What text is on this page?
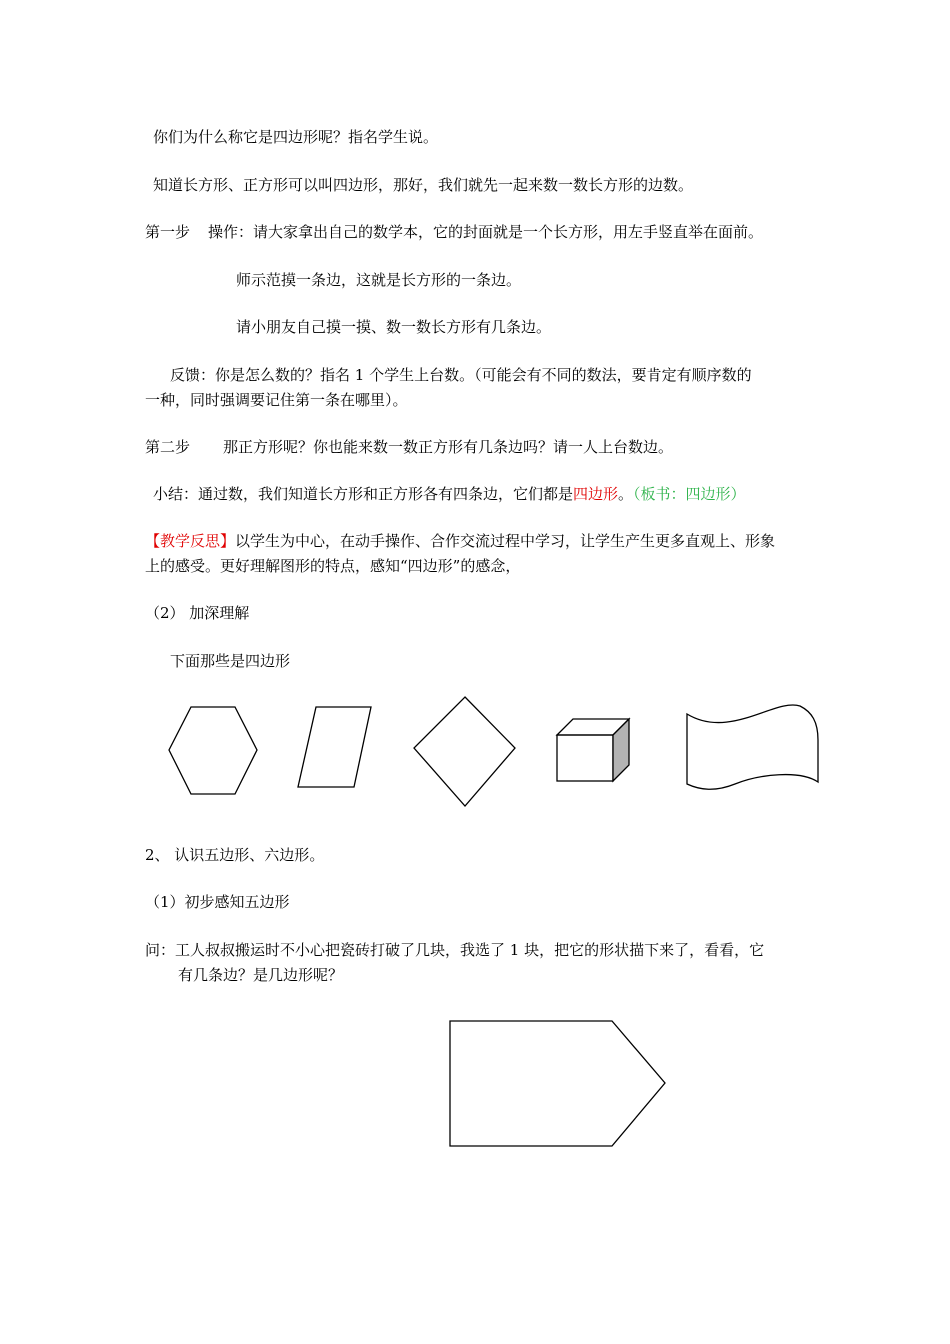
你们为什么称它是四边形呢？指名学生说。
知道长方形、正方形可以叫四边形，那好，我们就先一起来数一数长方形的边数。
第一步 操作：请大家拿出自己的数学本，它的封面就是一个长方形，用左手竖直举在面前。
师示范摸一条边，这就是长方形的一条边。
请小朋友自己摸一摸、数一数长方形有几条边。
反馈：你是怎么数的？指名 1 个学生上台数。（可能会有不同的数法，要肯定有顺序数的
一种，同时强调要记住第一条在哪里）。
第二步 那正方形呢？你也能来数一数正方形有几条边吗？请一人上台数边。
小结：通过数，我们知道长方形和正方形各有四条边，它们都是四边形。（板书：四边形）
【教学反思】以学生为中心，在动手操作、合作交流过程中学习，让学生产生更多直观上、形象
上的感受。更好理解图形的特点，感知“四边形”的感念，
（2） 加深理解
下面那些是四边形
2、 认识五边形、六边形。
（1）初步感知五边形
问：工人叔叔搬运时不小心把瓷砖打破了几块，我选了 1 块，把它的形状描下来了，看看，它
有几条边？是几边形呢？
